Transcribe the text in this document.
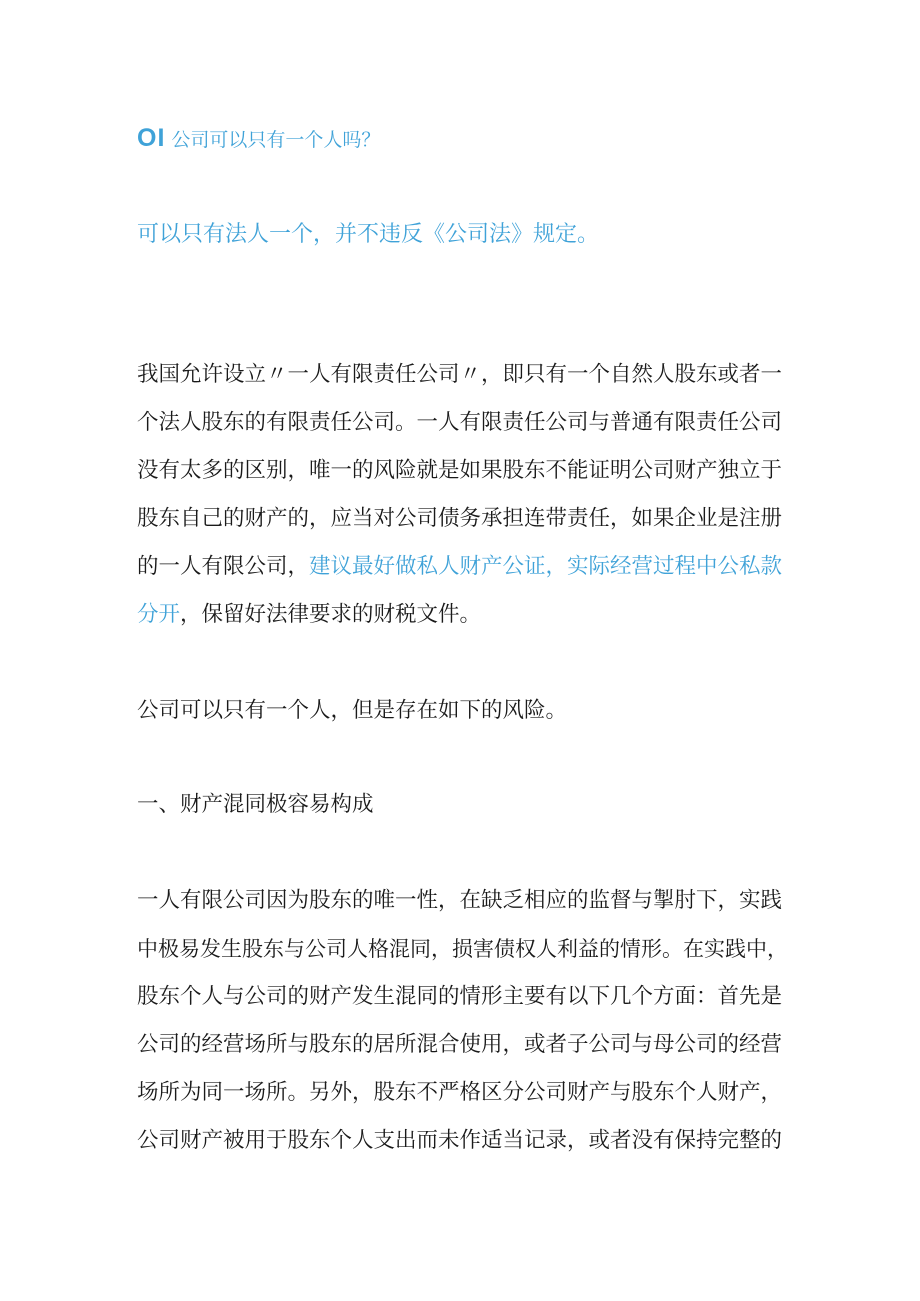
OI 公司可以只有一个人吗？
可以只有法人一个，并不违反《公司法》规定。
我国允许设立〃一人有限责任公司〃，即只有一个自然人股东或者一
个法人股东的有限责任公司。一人有限责任公司与普通有限责任公司
没有太多的区别，唯一的风险就是如果股东不能证明公司财产独立于
股东自己的财产的，应当对公司债务承担连带责任，如果企业是注册
的一人有限公司，建议最好做私人财产公证，实际经营过程中公私款
分开，保留好法律要求的财税文件。
公司可以只有一个人，但是存在如下的风险。
一、财产混同极容易构成
一人有限公司因为股东的唯一性，在缺乏相应的监督与掣肘下，实践
中极易发生股东与公司人格混同，损害债权人利益的情形。在实践中，
股东个人与公司的财产发生混同的情形主要有以下几个方面：首先是
公司的经营场所与股东的居所混合使用，或者子公司与母公司的经营
场所为同一场所。另外，股东不严格区分公司财产与股东个人财产，
公司财产被用于股东个人支出而未作适当记录，或者没有保持完整的
